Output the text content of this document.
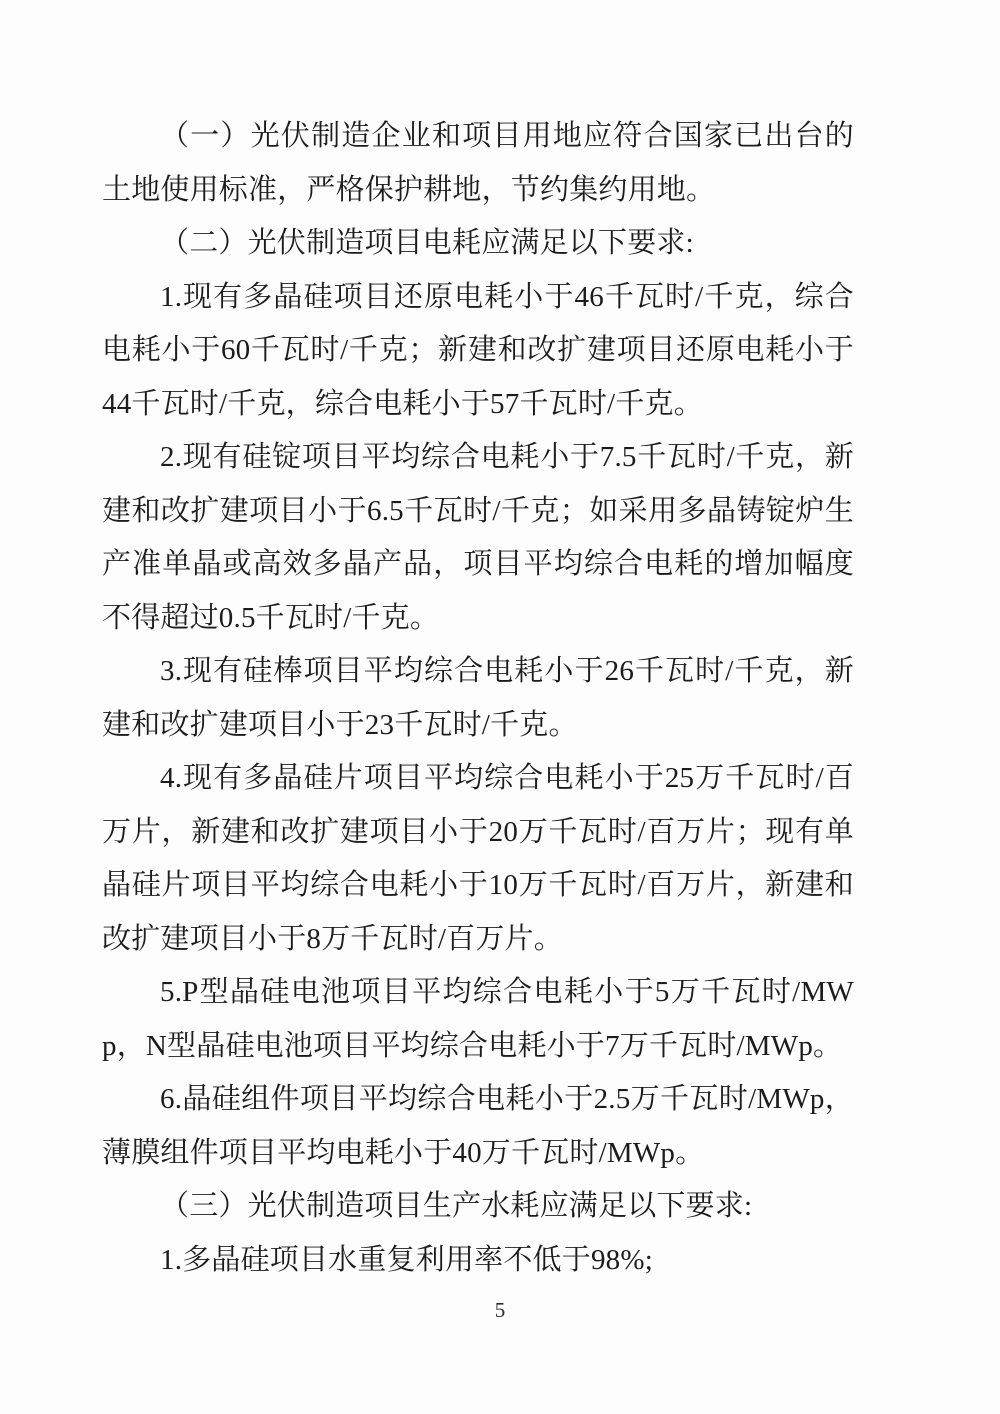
（一）光伏制造企业和项目用地应符合国家已出台的土地使用标准，严格保护耕地，节约集约用地。

（二）光伏制造项目电耗应满足以下要求:

1.现有多晶硅项目还原电耗小于46千瓦时/千克，综合电耗小于60千瓦时/千克；新建和改扩建项目还原电耗小于44千瓦时/千克，综合电耗小于57千瓦时/千克。

2.现有硅锭项目平均综合电耗小于7.5千瓦时/千克，新建和改扩建项目小于6.5千瓦时/千克；如采用多晶铸锭炉生产准单晶或高效多晶产品，项目平均综合电耗的增加幅度不得超过0.5千瓦时/千克。

3.现有硅棒项目平均综合电耗小于26千瓦时/千克，新建和改扩建项目小于23千瓦时/千克。

4.现有多晶硅片项目平均综合电耗小于25万千瓦时/百万片，新建和改扩建项目小于20万千瓦时/百万片；现有单晶硅片项目平均综合电耗小于10万千瓦时/百万片，新建和改扩建项目小于8万千瓦时/百万片。

5.P型晶硅电池项目平均综合电耗小于5万千瓦时/MWp，N型晶硅电池项目平均综合电耗小于7万千瓦时/MWp。

6.晶硅组件项目平均综合电耗小于2.5万千瓦时/MWp，薄膜组件项目平均电耗小于40万千瓦时/MWp。

（三）光伏制造项目生产水耗应满足以下要求:

1.多晶硅项目水重复利用率不低于98%;

5
